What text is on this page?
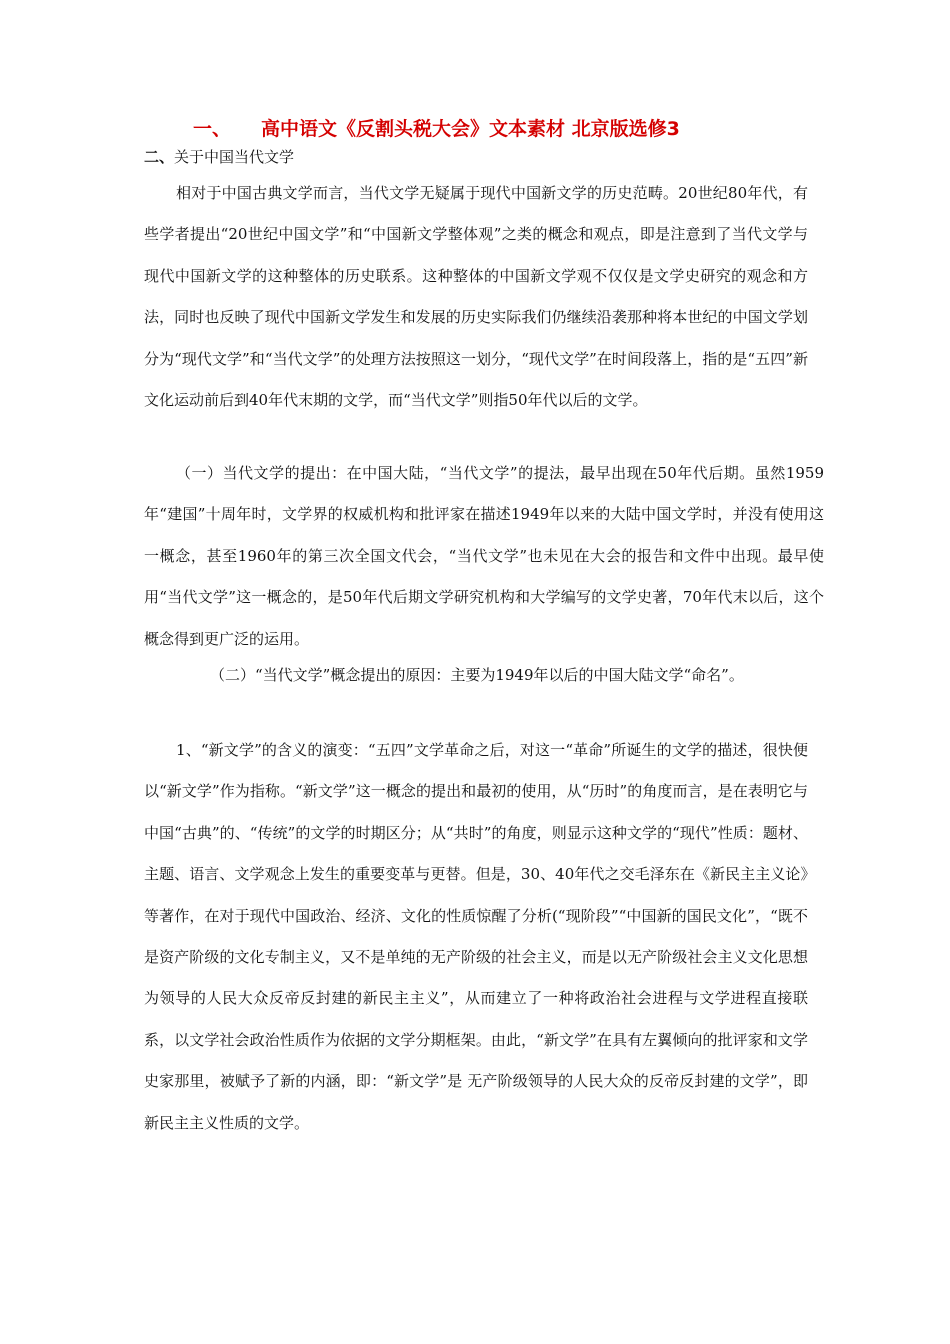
一、 高中语文《反割头税大会》文本素材 北京版选修3
二、关于中国当代文学

相对于中国古典文学而言，当代文学无疑属于现代中国新文学的历史范畴。20世纪80年代，有些学者提出“20世纪中国文学”和“中国新文学整体观”之类的概念和观点，即是注意到了当代文学与现代中国新文学的这种整体的历史联系。这种整体的中国新文学观不仅仅是文学史研究的观念和方法，同时也反映了现代中国新文学发生和发展的历史实际我们仍继续沿袭那种将本世纪的中国文学划分为“现代文学”和“当代文学”的处理方法按照这一划分，“现代文学”在时间段落上，指的是“五四”新文化运动前后到40年代末期的文学，而“当代文学”则指50年代以后的文学。

（一）当代文学的提出：在中国大陆，“当代文学”的提法，最早出现在50年代后期。虽然1959年“建国”十周年时，文学界的权威机构和批评家在描述1949年以来的大陆中国文学时，并没有使用这一概念，甚至1960年的第三次全国文代会，“当代文学”也未见在大会的报告和文件中出现。最早使用“当代文学”这一概念的，是50年代后期文学研究机构和大学编写的文学史著，70年代末以后，这个概念得到更广泛的运用。

（二）“当代文学”概念提出的原因：主要为1949年以后的中国大陆文学“命名”。

1、“新文学”的含义的演变：“五四”文学革命之后，对这一“革命”所诞生的文学的描述，很快便以“新文学”作为指称。“新文学”这一概念的提出和最初的使用，从“历时”的角度而言，是在表明它与中国“古典”的、“传统”的文学的时期区分；从“共时”的角度，则显示这种文学的“现代”性质：题材、主题、语言、文学观念上发生的重要变革与更替。但是，30、40年代之交毛泽东在《新民主主义论》等著作，在对于现代中国政治、经济、文化的性质惊醒了分析(“现阶段”“中国新的国民文化”，“既不是资产阶级的文化专制主义，又不是单纯的无产阶级的社会主义，而是以无产阶级社会主义文化思想为领导的人民大众反帝反封建的新民主主义”，从而建立了一种将政治社会进程与文学进程直接联系，以文学社会政治性质作为依据的文学分期框架。由此，“新文学”在具有左翼倾向的批评家和文学史家那里，被赋予了新的内涵，即：“新文学”是 无产阶级领导的人民大众的反帝反封建的文学”，即新民主主义性质的文学。
